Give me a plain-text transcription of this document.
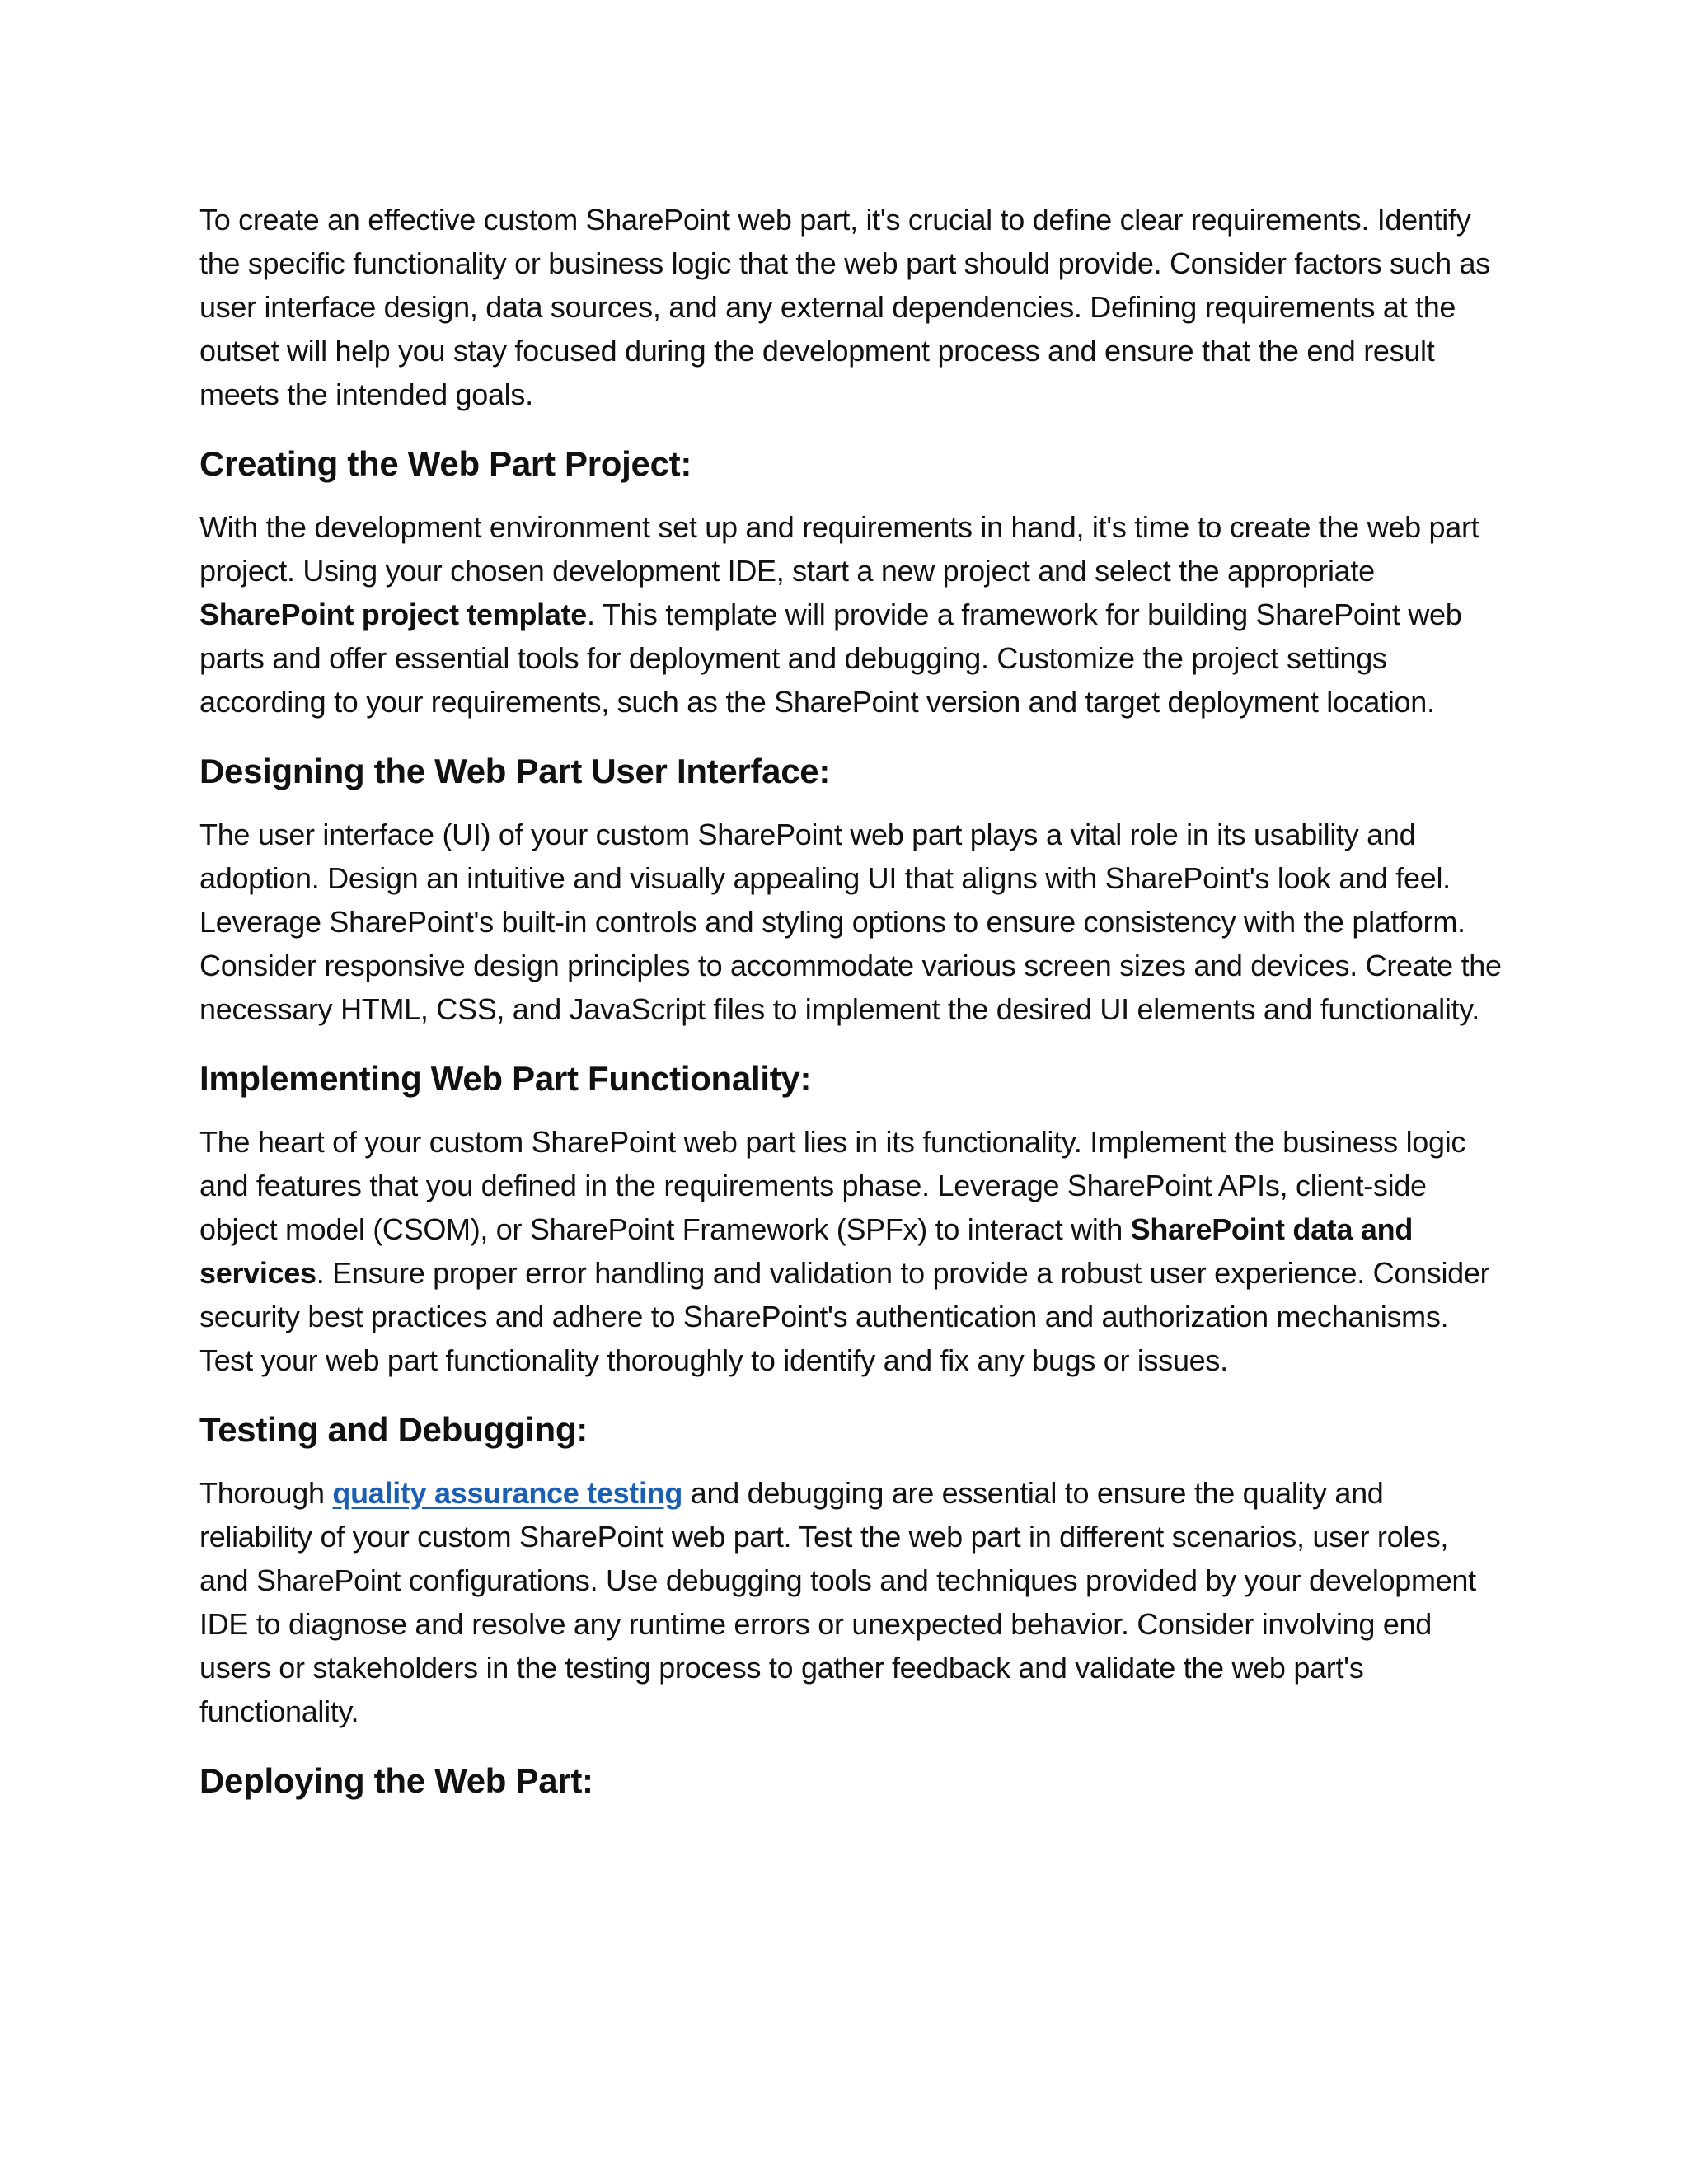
To create an effective custom SharePoint web part, it's crucial to define clear requirements. Identify the specific functionality or business logic that the web part should provide. Consider factors such as user interface design, data sources, and any external dependencies. Defining requirements at the outset will help you stay focused during the development process and ensure that the end result meets the intended goals.

Creating the Web Part Project:

With the development environment set up and requirements in hand, it's time to create the web part project. Using your chosen development IDE, start a new project and select the appropriate SharePoint project template. This template will provide a framework for building SharePoint web parts and offer essential tools for deployment and debugging. Customize the project settings according to your requirements, such as the SharePoint version and target deployment location.

Designing the Web Part User Interface:

The user interface (UI) of your custom SharePoint web part plays a vital role in its usability and adoption. Design an intuitive and visually appealing UI that aligns with SharePoint's look and feel. Leverage SharePoint's built-in controls and styling options to ensure consistency with the platform. Consider responsive design principles to accommodate various screen sizes and devices. Create the necessary HTML, CSS, and JavaScript files to implement the desired UI elements and functionality.

Implementing Web Part Functionality:

The heart of your custom SharePoint web part lies in its functionality. Implement the business logic and features that you defined in the requirements phase. Leverage SharePoint APIs, client-side object model (CSOM), or SharePoint Framework (SPFx) to interact with SharePoint data and services. Ensure proper error handling and validation to provide a robust user experience. Consider security best practices and adhere to SharePoint's authentication and authorization mechanisms. Test your web part functionality thoroughly to identify and fix any bugs or issues.

Testing and Debugging:

Thorough quality assurance testing and debugging are essential to ensure the quality and reliability of your custom SharePoint web part. Test the web part in different scenarios, user roles, and SharePoint configurations. Use debugging tools and techniques provided by your development IDE to diagnose and resolve any runtime errors or unexpected behavior. Consider involving end users or stakeholders in the testing process to gather feedback and validate the web part's functionality.

Deploying the Web Part:
